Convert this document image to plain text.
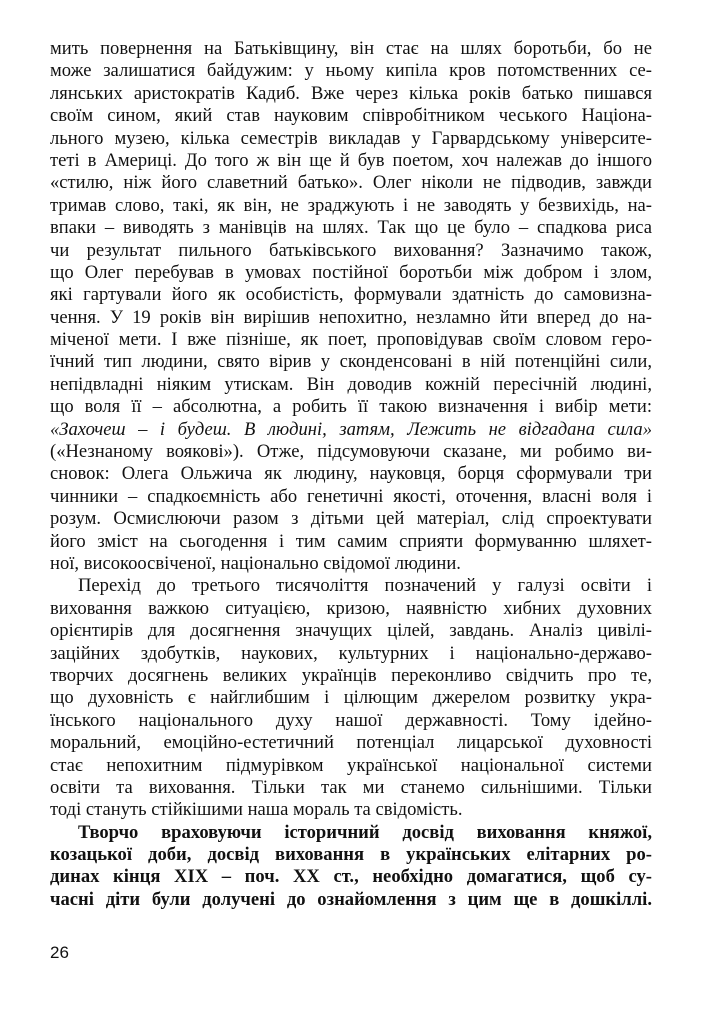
мить повернення на Батьківщину, він стає на шлях боротьби, бо не
може залишатися байдужим: у ньому кипіла кров потомственних се-
лянських аристократів Кадиб. Вже через кілька років батько пишався
своїм сином, який став науковим співробітником чеського Націона-
льного музею, кілька семестрів викладав у Гарвардському університе-
теті в Америці. До того ж він ще й був поетом, хоч належав до іншого
«стилю, ніж його славетний батько». Олег ніколи не підводив, завжди
тримав слово, такі, як він, не зраджують і не заводять у безвихідь, на-
впаки – виводять з манівців на шлях. Так що це було – спадкова риса
чи результат пильного батьківського виховання? Зазначимо також,
що Олег перебував в умовах постійної боротьби між добром і злом,
які гартували його як особистість, формували здатність до самовизна-
чення. У 19 років він вирішив непохитно, незламно йти вперед до на-
міченої мети. І вже пізніше, як поет, проповідував своїм словом геро-
їчний тип людини, свято вірив у сконденсовані в ній потенційні сили,
непідвладні ніяким утискам. Він доводив кожній пересічній людині,
що воля її – абсолютна, а робить її такою визначення і вибір мети:
«Захочеш – і будеш. В людині, затям, Лежить не відгадана сила»
(«Незнаному воякові»). Отже, підсумовуючи сказане, ми робимо ви-
сновок: Олега Ольжича як людину, науковця, борця сформували три
чинники – спадкоємність або генетичні якості, оточення, власні воля і
розум. Осмислюючи разом з дітьми цей матеріал, слід спроектувати
його зміст на сьогодення і тим самим сприяти формуванню шляхет-
ної, високоосвіченої, національно свідомої людини.
Перехід до третього тисячоліття позначений у галузі освіти і
виховання важкою ситуацією, кризою, наявністю хибних духовних
орієнтирів для досягнення значущих цілей, завдань. Аналіз цивілі-
заційних здобутків, наукових, культурних і національно-державо-
творчих досягнень великих українців переконливо свідчить про те,
що духовність є найглибшим і цілющим джерелом розвитку укра-
їнського національного духу нашої державності. Тому ідейно-
моральний, емоційно-естетичний потенціал лицарської духовності
стає непохитним підмурівком української національної системи
освіти та виховання. Тільки так ми станемо сильнішими. Тільки
тоді стануть стійкішими наша мораль та свідомість.
Творчо враховуючи історичний досвід виховання княжої,
козацької доби, досвід виховання в українських елітарних ро-
динах кінця XIX – поч. XX ст., необхідно домагатися, щоб су-
часні діти були долучені до ознайомлення з цим ще в дошкіллі.
26
